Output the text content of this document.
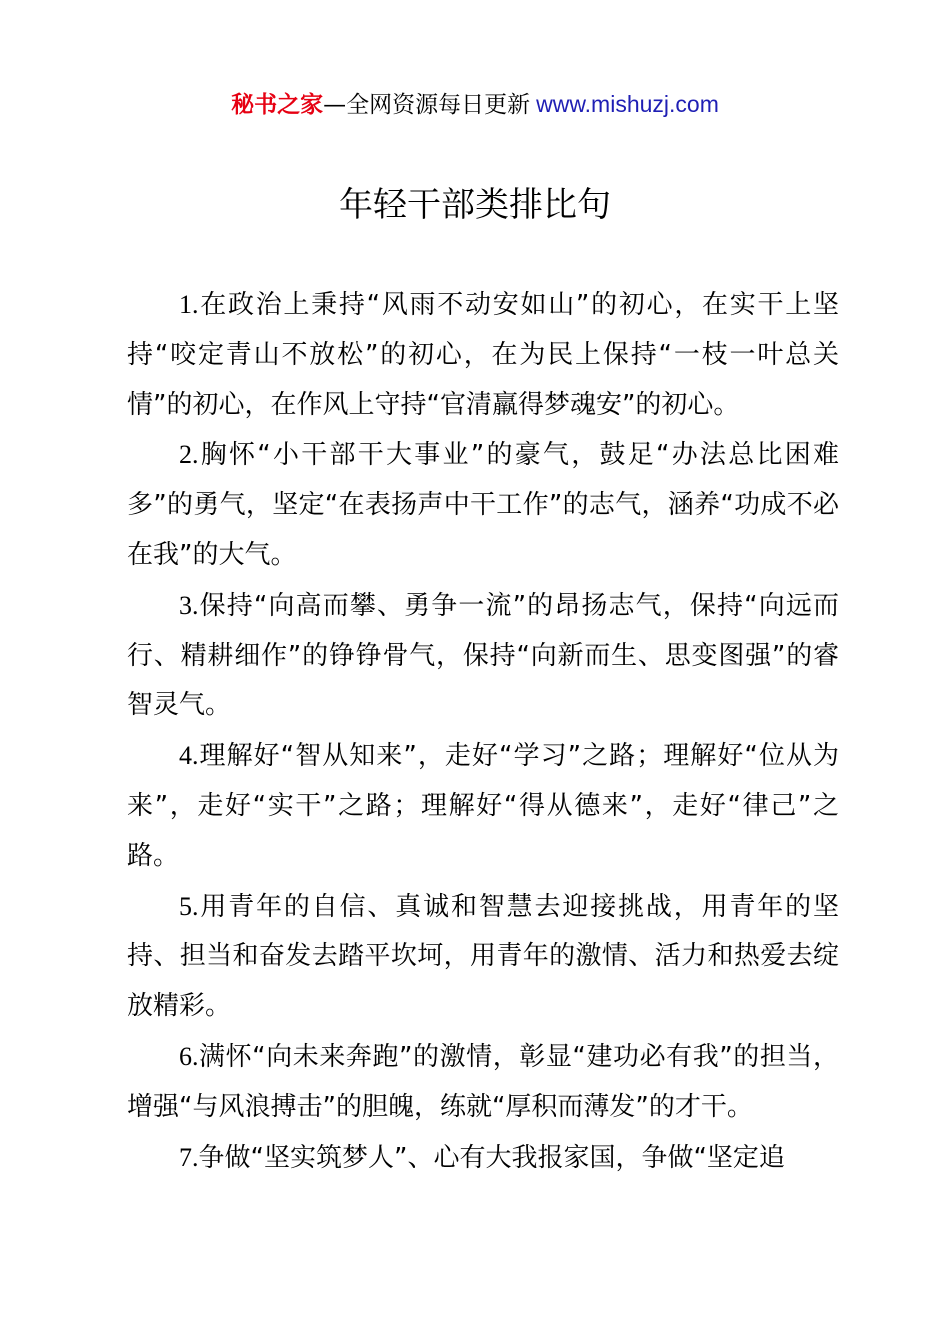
秘书之家—全网资源每日更新 www.mishuzj.com
年轻干部类排比句

1.在政治上秉持“风雨不动安如山”的初心，在实干上坚持“咬定青山不放松”的初心，在为民上保持“一枝一叶总关情”的初心，在作风上守持“官清羸得梦魂安”的初心。

2.胸怀“小干部干大事业”的豪气，鼓足“办法总比困难多”的勇气，坚定“在表扬声中干工作”的志气，涵养“功成不必在我”的大气。

3.保持“向高而攀、勇争一流”的昂扬志气，保持“向远而行、精耕细作”的铮铮骨气，保持“向新而生、思变图强”的睿智灵气。

4.理解好“智从知来”，走好“学习”之路；理解好“位从为来”，走好“实干”之路；理解好“得从德来”，走好“律己”之路。

5.用青年的自信、真诚和智慧去迎接挑战，用青年的坚持、担当和奋发去踏平坎坷，用青年的激情、活力和热爱去绽放精彩。

6.满怀“向未来奔跑”的激情，彰显“建功必有我”的担当，增强“与风浪搏击”的胆魄，练就“厚积而薄发”的才干。

7.争做“坚实筑梦人”、心有大我报家国，争做“坚定追
